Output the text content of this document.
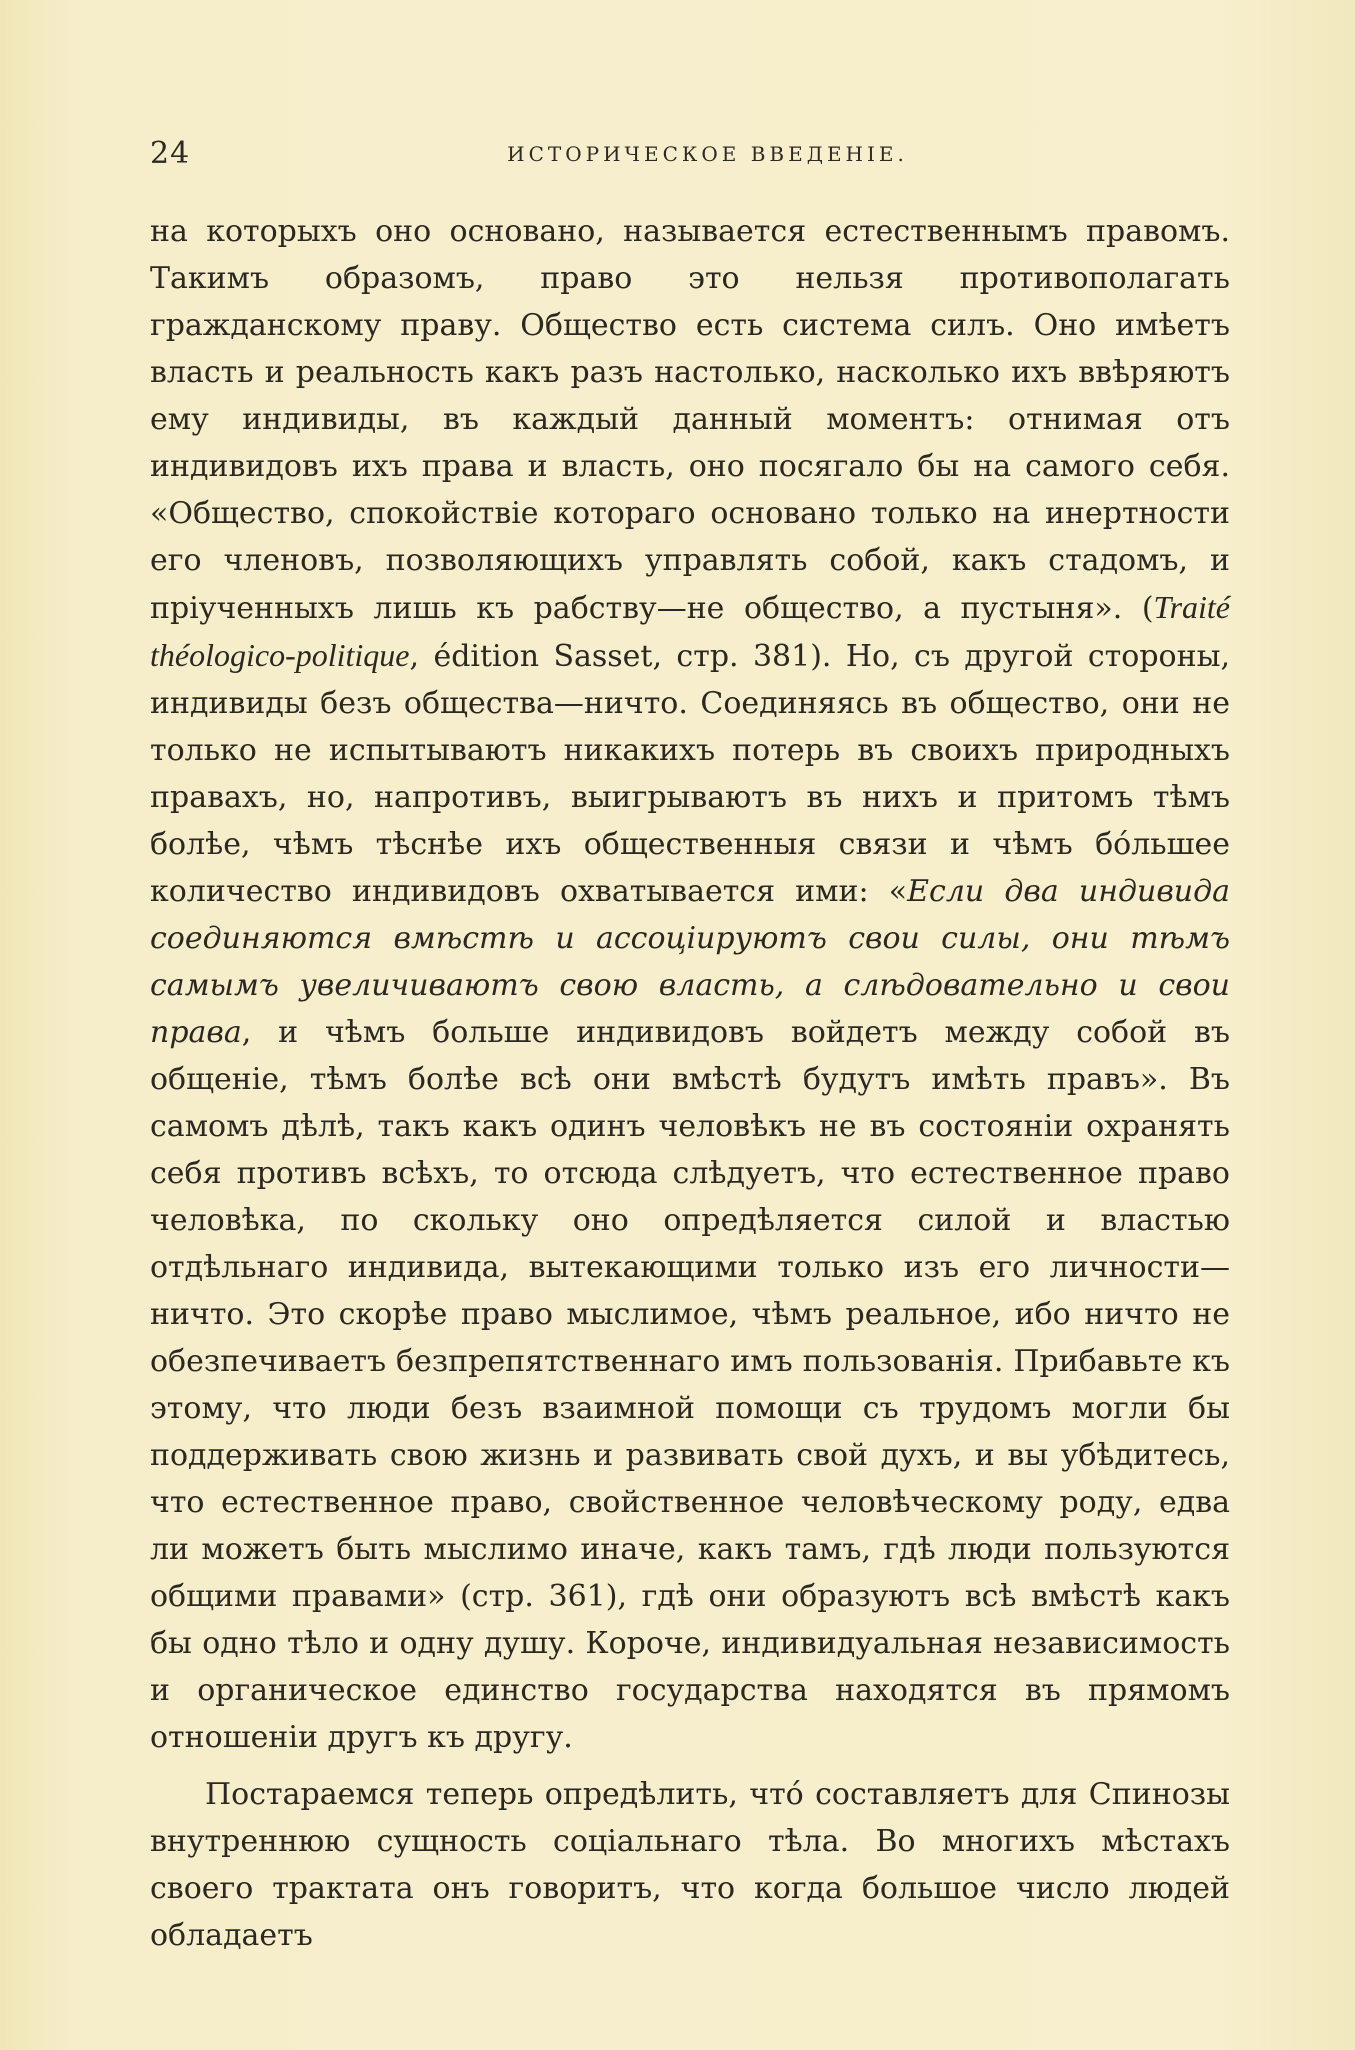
24	ИСТОРИЧЕСКОЕ ВВЕДЕНІЕ.

на которыхъ оно основано, называется естественнымъ правомъ. Такимъ образомъ, право это нельзя противополагать гражданскому праву. Общество есть система силъ. Оно имѣетъ власть и реальность какъ разъ настолько, насколько ихъ ввѣряютъ ему индивиды, въ каждый данный моментъ: отнимая отъ индивидовъ ихъ права и власть, оно посягало бы на самого себя. «Общество, спокойствіе котораго основано только на инертности его членовъ, позволяющихъ управлять собой, какъ стадомъ, и пріученныхъ лишь къ рабству—не общество, а пустыня». (Traité théologico-politique, édition Sasset, стр. 381). Но, съ другой стороны, индивиды безъ общества—ничто. Соединяясь въ общество, они не только не испытываютъ никакихъ потерь въ своихъ природныхъ правахъ, но, напротивъ, выигрываютъ въ нихъ и притомъ тѣмъ болѣе, чѣмъ тѣснѣе ихъ общественныя связи и чѣмъ бо́льшее количество индивидовъ охватывается ими: «Если два индивида соединяются вмѣстѣ и ассоціируютъ свои силы, они тѣмъ самымъ увеличиваютъ свою власть, а слѣдовательно и свои права, и чѣмъ больше индивидовъ войдетъ между собой въ общеніе, тѣмъ болѣе всѣ они вмѣстѣ будутъ имѣть правъ». Въ самомъ дѣлѣ, такъ какъ одинъ человѣкъ не въ состояніи охранять себя противъ всѣхъ, то отсюда слѣдуетъ, что естественное право человѣка, по скольку оно опредѣляется силой и властью отдѣльнаго индивида, вытекающими только изъ его личности—ничто. Это скорѣе право мыслимое, чѣмъ реальное, ибо ничто не обезпечиваетъ безпрепятственнаго имъ пользованія. Прибавьте къ этому, что люди безъ взаимной помощи съ трудомъ могли бы поддерживать свою жизнь и развивать свой духъ, и вы убѣдитесь, что естественное право, свойственное человѣческому роду, едва ли можетъ быть мыслимо иначе, какъ тамъ, гдѣ люди пользуются общими правами» (стр. 361), гдѣ они образуютъ всѣ вмѣстѣ какъ бы одно тѣло и одну душу. Короче, индивидуальная независимость и органическое единство государства находятся въ прямомъ отношеніи другъ къ другу.

Постараемся теперь опредѣлить, что́ составляетъ для Спинозы внутреннюю сущность соціальнаго тѣла. Во многихъ мѣстахъ своего трактата онъ говоритъ, что когда большое число людей обладаетъ
